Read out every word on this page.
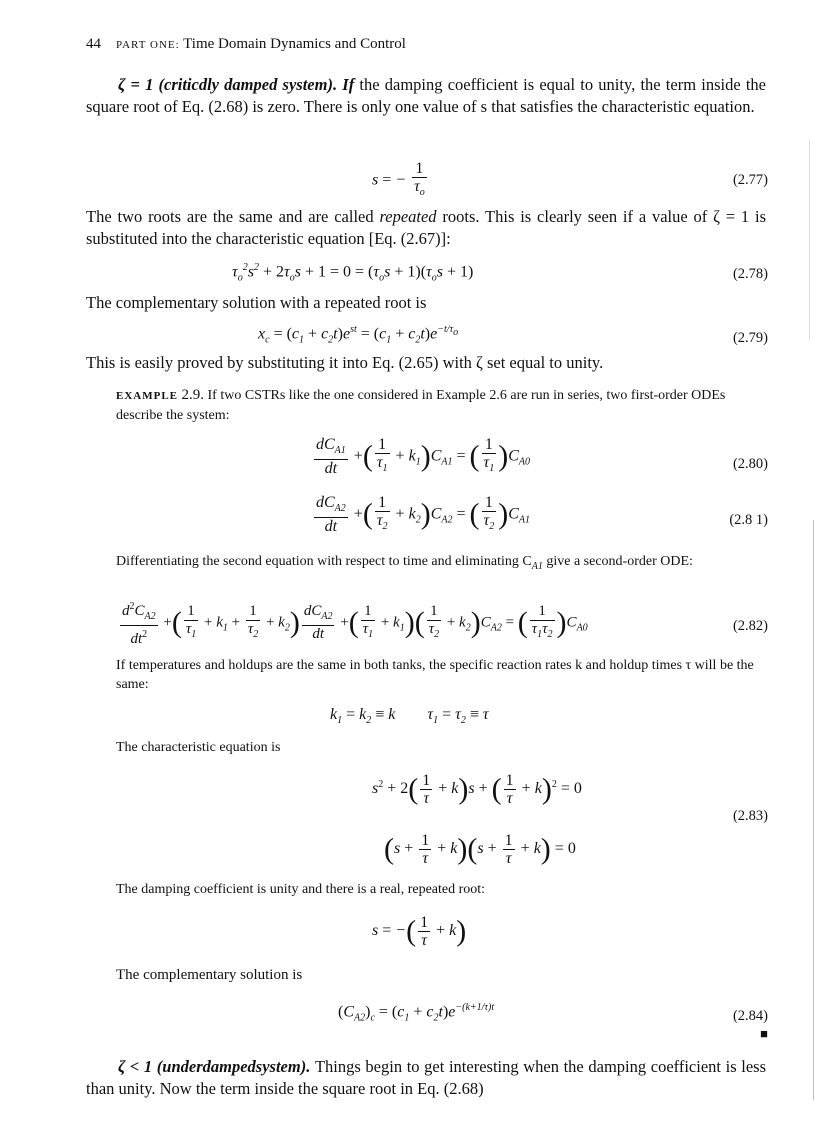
44 PART ONE: Time Domain Dynamics and Control
ζ = 1 (criticdly damped system). If the damping coefficient is equal to unity, the term inside the square root of Eq. (2.68) is zero. There is only one value of s that satisfies the characteristic equation.
s = − $\frac{1}{\tau_o}$	(2.77)
The two roots are the same and are called repeated roots. This is clearly seen if a value of ζ = 1 is substituted into the characteristic equation [Eq. (2.67)]:
$\tau_o^2s^2 + 2\tau_os + 1 = 0 = (\tau_os + 1)(\tau_os + 1)$	(2.78)
The complementary solution with a repeated root is
$x_c = (c_1 + c_2t)e^{st} = (c_1 + c_2t)e^{-t/\tau_o}$	(2.79)
This is easily proved by substituting it into Eq. (2.65) with ζ set equal to unity.
EXAMPLE 2.9. If two CSTRs like the one considered in Example 2.6 are run in series, two first-order ODEs describe the system:
$\frac{dC_{A1}}{dt}$ +( $\frac{1}{\tau_1} + k_1)C_{A1}$ = ( $\frac{1}{\tau_1} )C_{A0}$	(2.80)
$\frac{dC_{A2}}{dt}$ +( $\frac{1}{\tau_2} + k_2)C_{A2}$ = ( $\frac{1}{\tau_2} )C_{A1}$	(2.8 1)
Differentiating the second equation with respect to time and eliminating $C_{A1}$ give a second-order ODE:
$\frac{d^2C_{A2}}{dt^2}$ +( $\frac{1}{\tau_1} + k_1 + \frac{1}{\tau_2} + k_2) \frac{dC_{A2}}{dt}$ +( $\frac{1}{\tau_1} + k_1)( \frac{1}{\tau_2} + k_2)C_{A2}$ = ( $\frac{1}{\tau_1\tau_2} )C_{A0}$	(2.82)
If temperatures and holdups are the same in both tanks, the specific reaction rates k and holdup times τ will be the same:
$k_1 = k_2 \equiv k$        $\tau_1 = \tau_2 \equiv \tau$
The characteristic equation is
$s^2 + 2( \frac{1}{\tau} + k)s$ + ( $\frac{1}{\tau} + k)^2 = 0$
$(s + \frac{1}{\tau} + k)(s + \frac{1}{\tau} + k) = 0$
(2.83)
The damping coefficient is unity and there is a real, repeated root:
s = −( $\frac{1}{\tau} + k$)
The complementary solution is
$(C_{A2})_c = (c_1 + c_2t)e^{-(k+1/\tau)t}$
(2.84)
■
ζ < 1 (underdampedsystem). Things begin to get interesting when the damping coefficient is less than unity. Now the term inside the square root in Eq. (2.68)
